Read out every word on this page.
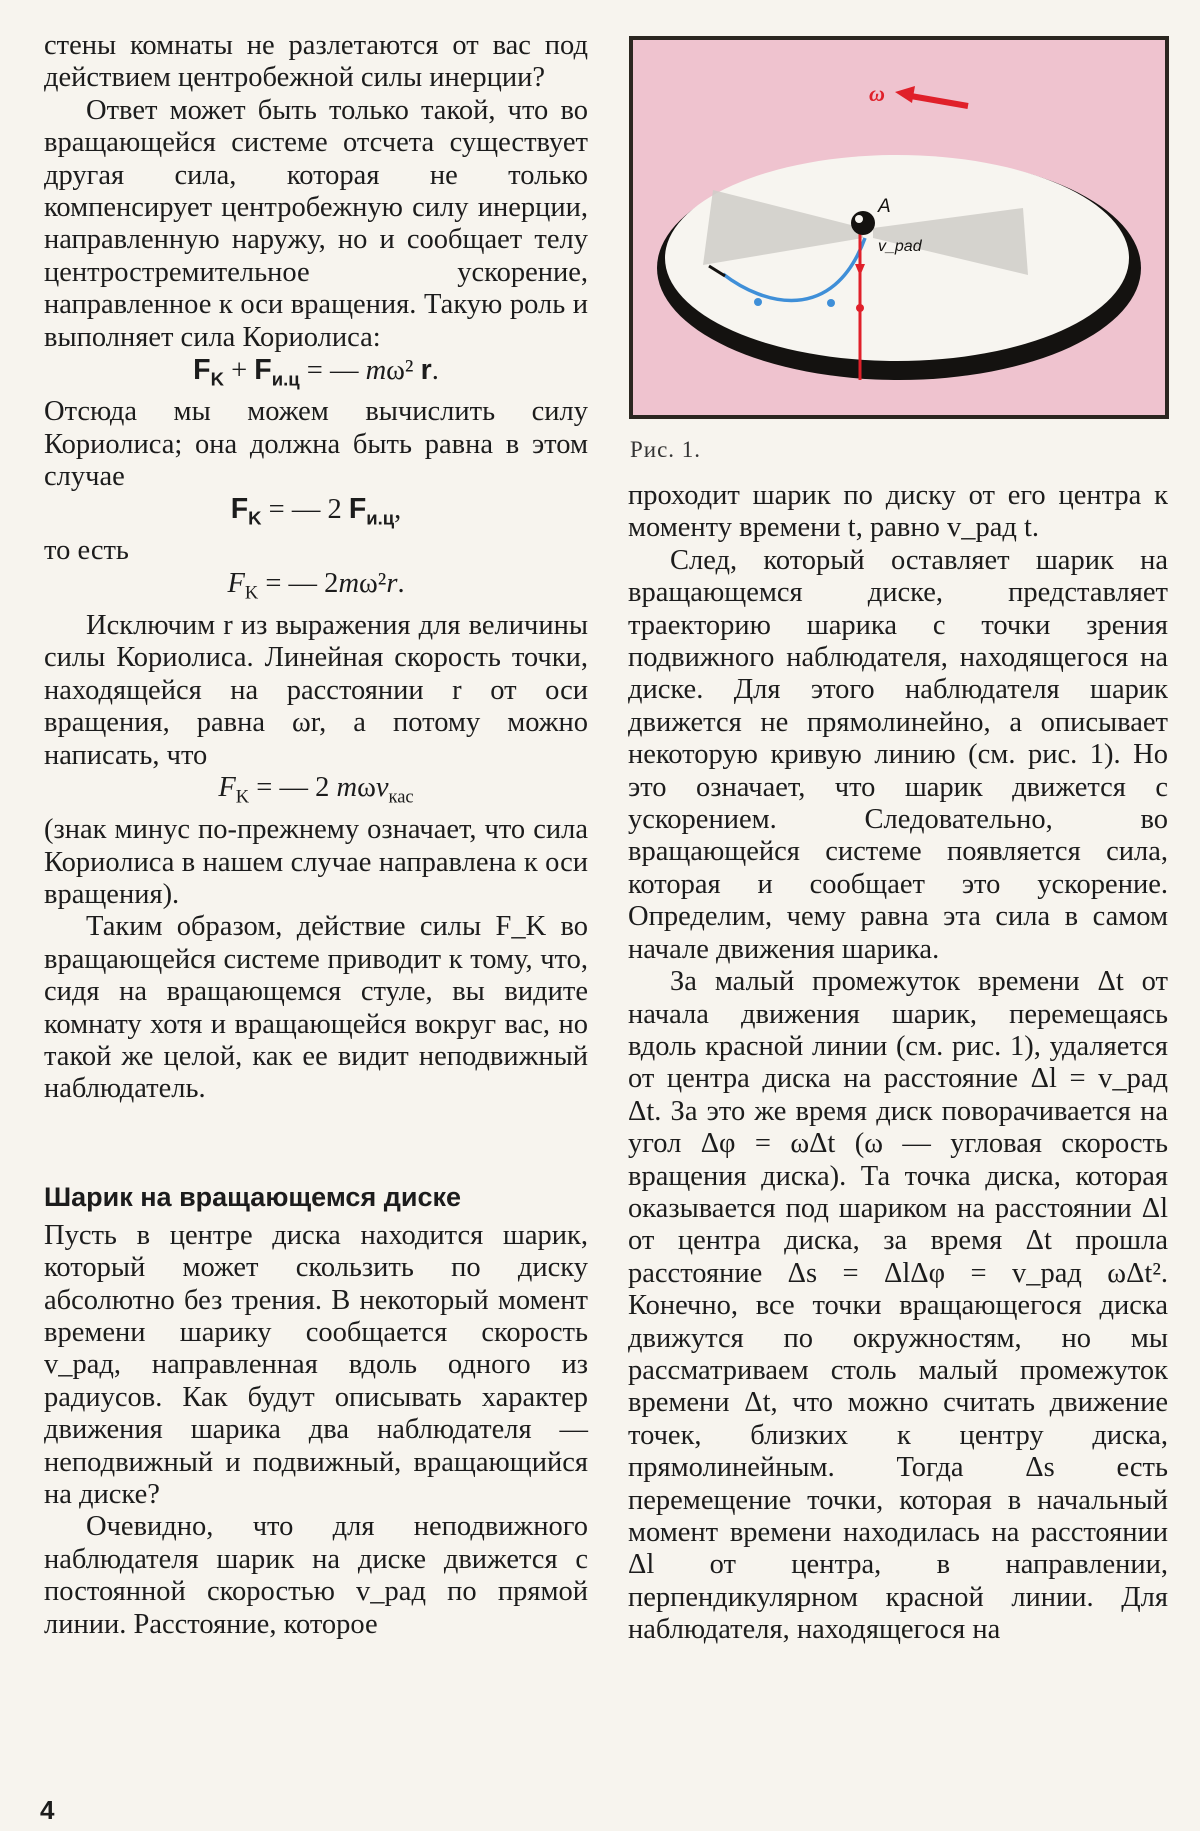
стены комнаты не разлетаются от вас под действием центробежной силы инерции?

Ответ может быть только такой, что во вращающейся системе отсчета существует другая сила, которая не только компенсирует центробежную силу инерции, направленную наружу, но и сообщает телу центростремительное ускорение, направленное к оси вращения. Такую роль и выполняет сила Кориолиса:

$F_K + F_{и.ц}$ = — mω² r.

Отсюда мы можем вычислить силу Кориолиса; она должна быть равна в этом случае

$F_K$ = — 2 $F_{и.ц}$,

то есть

$F_K$ = — 2mω²r.

Исключим r из выражения для величины силы Кориолиса. Линейная скорость точки, находящейся на расстоянии r от оси вращения, равна ωr, а потому можно написать, что

$F_K$ = — 2 mωv$_{кас}$

(знак минус по-прежнему означает, что сила Кориолиса в нашем случае направлена к оси вращения).

Таким образом, действие силы F_K во вращающейся системе приводит к тому, что, сидя на вращающемся стуле, вы видите комнату хотя и вращающейся вокруг вас, но такой же целой, как ее видит неподвижный наблюдатель.

Шарик на вращающемся диске

Пусть в центре диска находится шарик, который может скользить по диску абсолютно без трения. В некоторый момент времени шарику сообщается скорость v_рад, направленная вдоль одного из радиусов. Как будут описывать характер движения шарика два наблюдателя — неподвижный и подвижный, вращающийся на диске?

Очевидно, что для неподвижного наблюдателя шарик на диске движется с постоянной скоростью v_рад по прямой линии. Расстояние, которое

ω
A
v_pad
Рис. 1.

проходит шарик по диску от его центра к моменту времени t, равно v_рад t.

След, который оставляет шарик на вращающемся диске, представляет траекторию шарика с точки зрения подвижного наблюдателя, находящегося на диске. Для этого наблюдателя шарик движется не прямолинейно, а описывает некоторую кривую линию (см. рис. 1). Но это означает, что шарик движется с ускорением. Следовательно, во вращающейся системе появляется сила, которая и сообщает это ускорение. Определим, чему равна эта сила в самом начале движения шарика.

За малый промежуток времени Δt от начала движения шарик, перемещаясь вдоль красной линии (см. рис. 1), удаляется от центра диска на расстояние Δl = v_рад Δt. За это же время диск поворачивается на угол Δφ = ωΔt (ω — угловая скорость вращения диска). Та точка диска, которая оказывается под шариком на расстоянии Δl от центра диска, за время Δt прошла расстояние Δs = ΔlΔφ = v_рад ωΔt². Конечно, все точки вращающегося диска движутся по окружностям, но мы рассматриваем столь малый промежуток времени Δt, что можно считать движение точек, близких к центру диска, прямолинейным. Тогда Δs есть перемещение точки, которая в начальный момент времени находилась на расстоянии Δl от центра, в направлении, перпендикулярном красной линии. Для наблюдателя, находящегося на

4
